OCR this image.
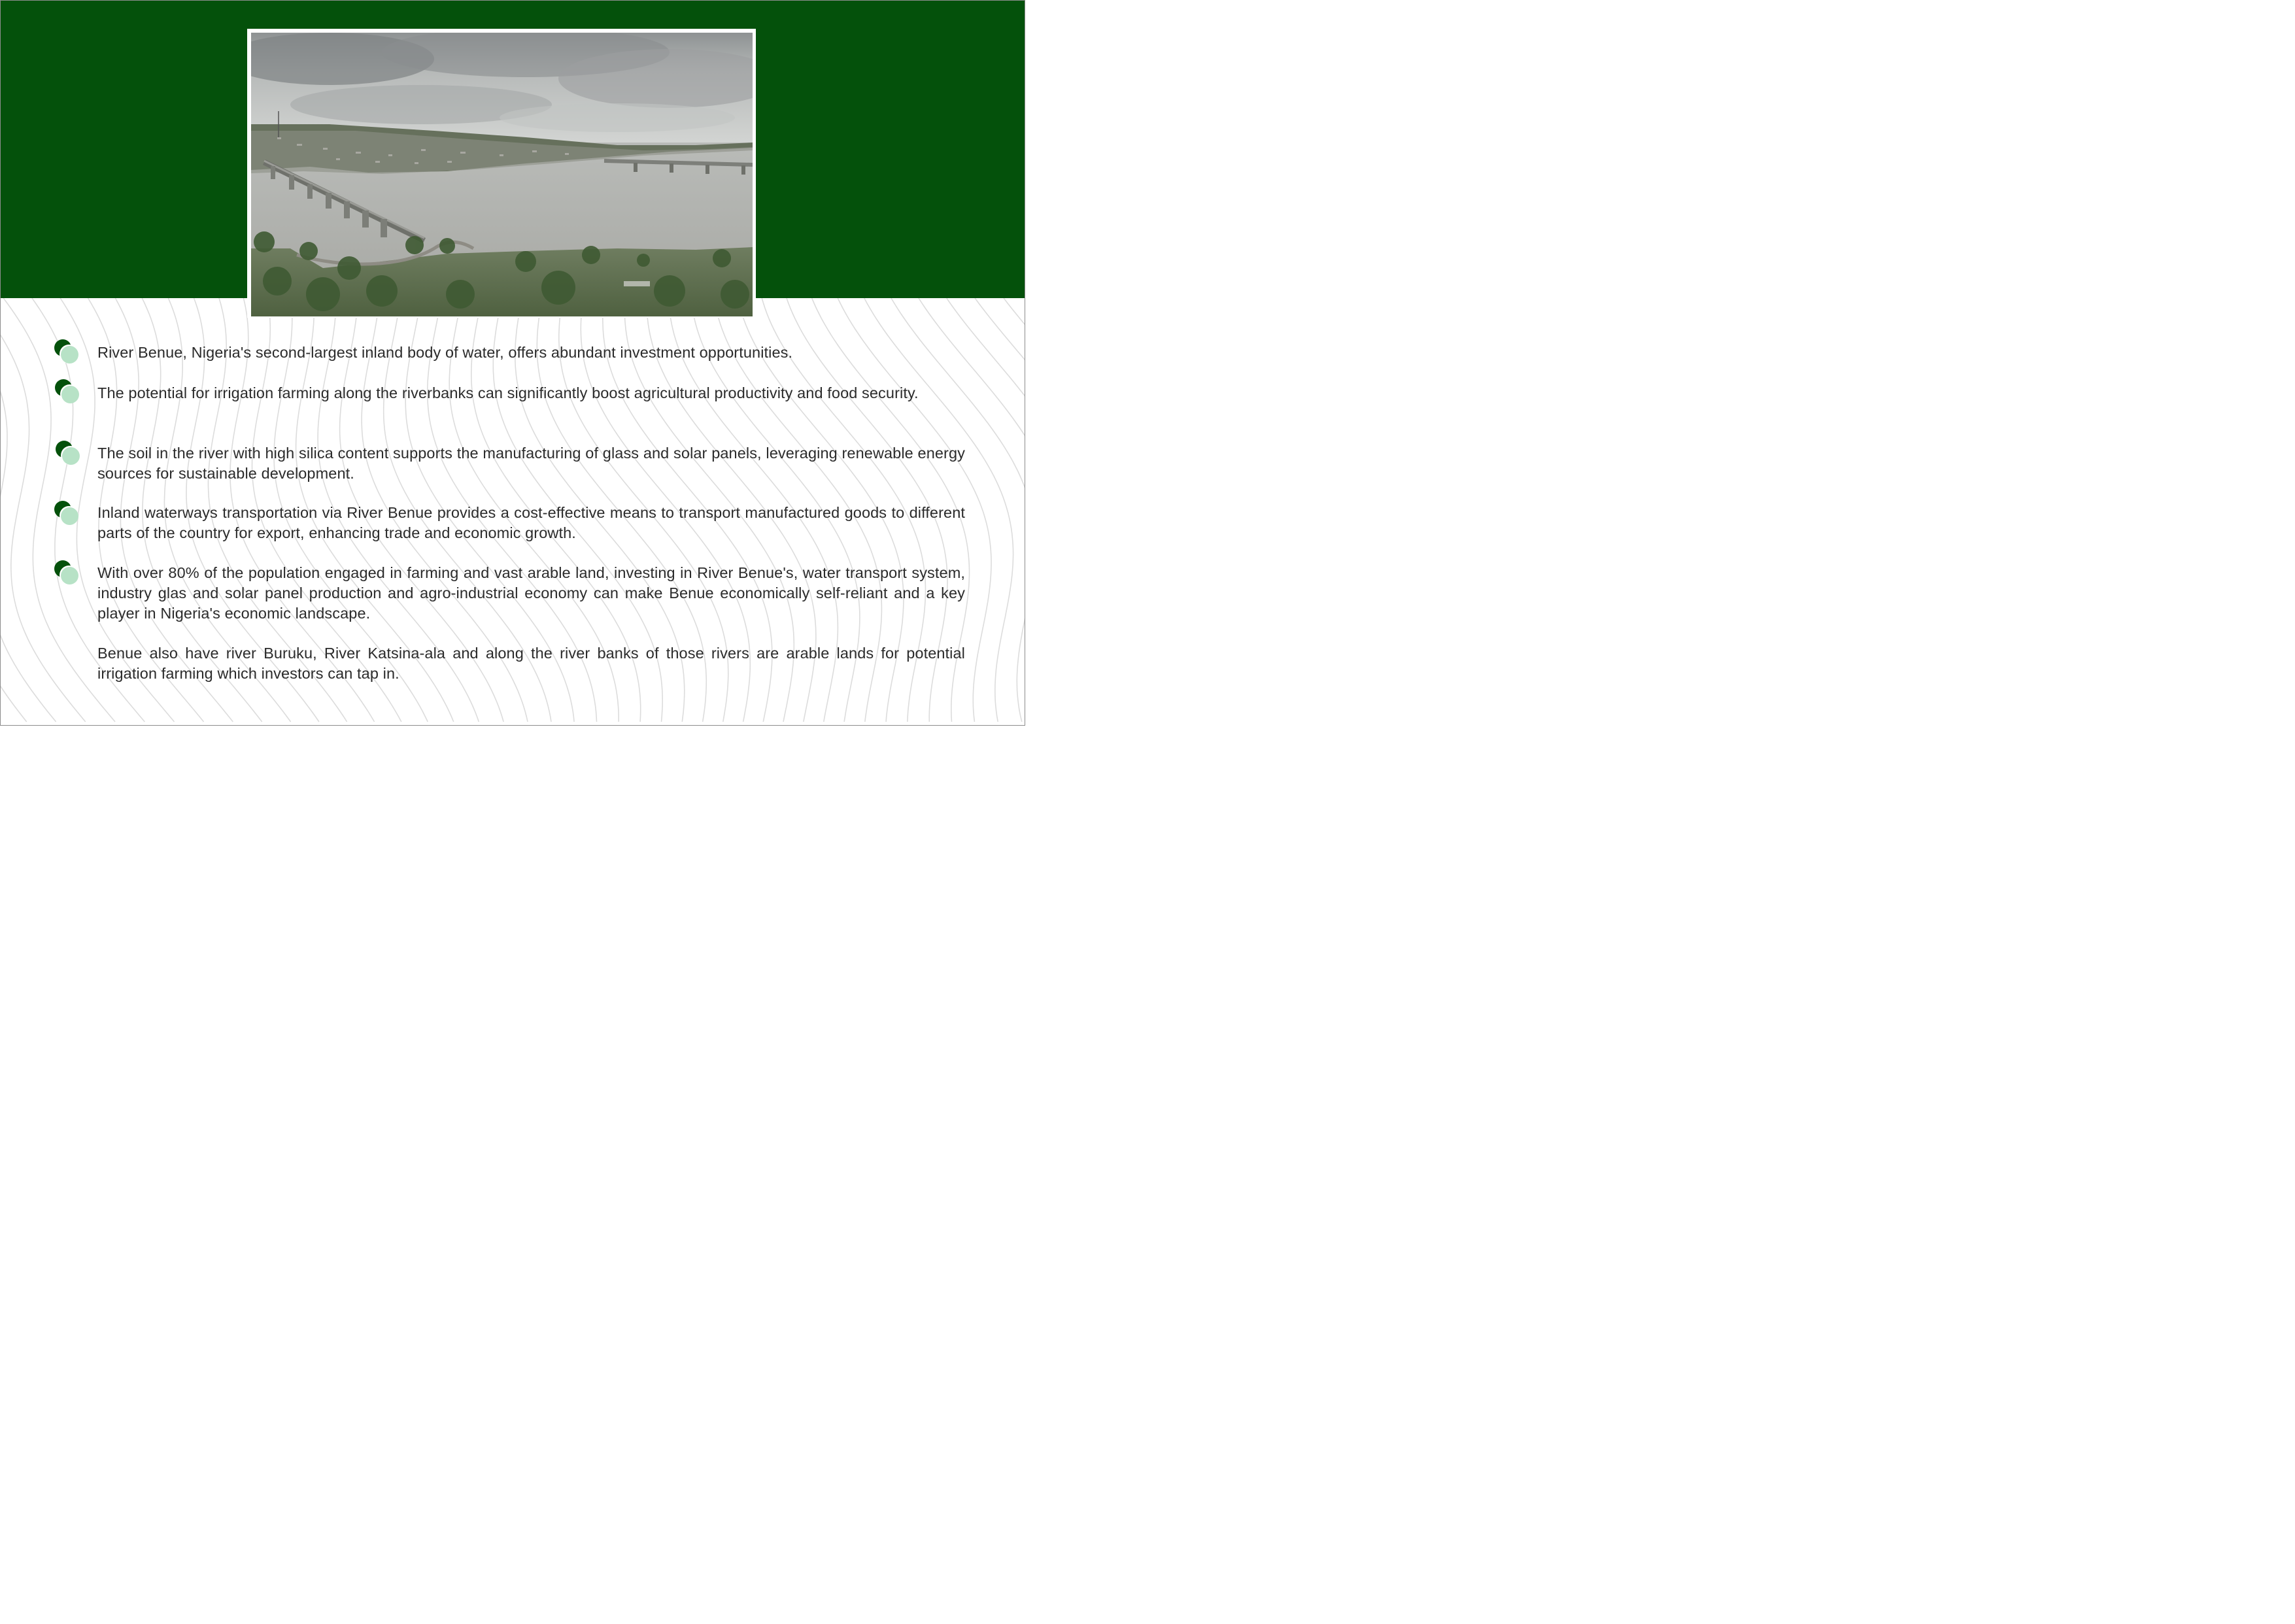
River Benue, Nigeria's second-largest inland body of water, offers abundant investment opportunities.

The potential for irrigation farming along the riverbanks can significantly boost agricultural productivity and food security.

The soil in the river with high silica content supports the manufacturing of glass and solar panels, leveraging renewable energy sources for sustainable development.

Inland waterways transportation via River Benue provides a cost-effective means to transport manufactured goods to different parts of the country for export, enhancing trade and economic growth.

With over 80% of the population engaged in farming and vast arable land, investing in River Benue's, water transport system, industry glas and solar panel production and agro-industrial economy can make Benue economically self-reliant and a key player in Nigeria's economic landscape.

Benue also have river Buruku, River Katsina-ala and along the river banks of those rivers are arable lands for potential irrigation farming which investors can tap in.
